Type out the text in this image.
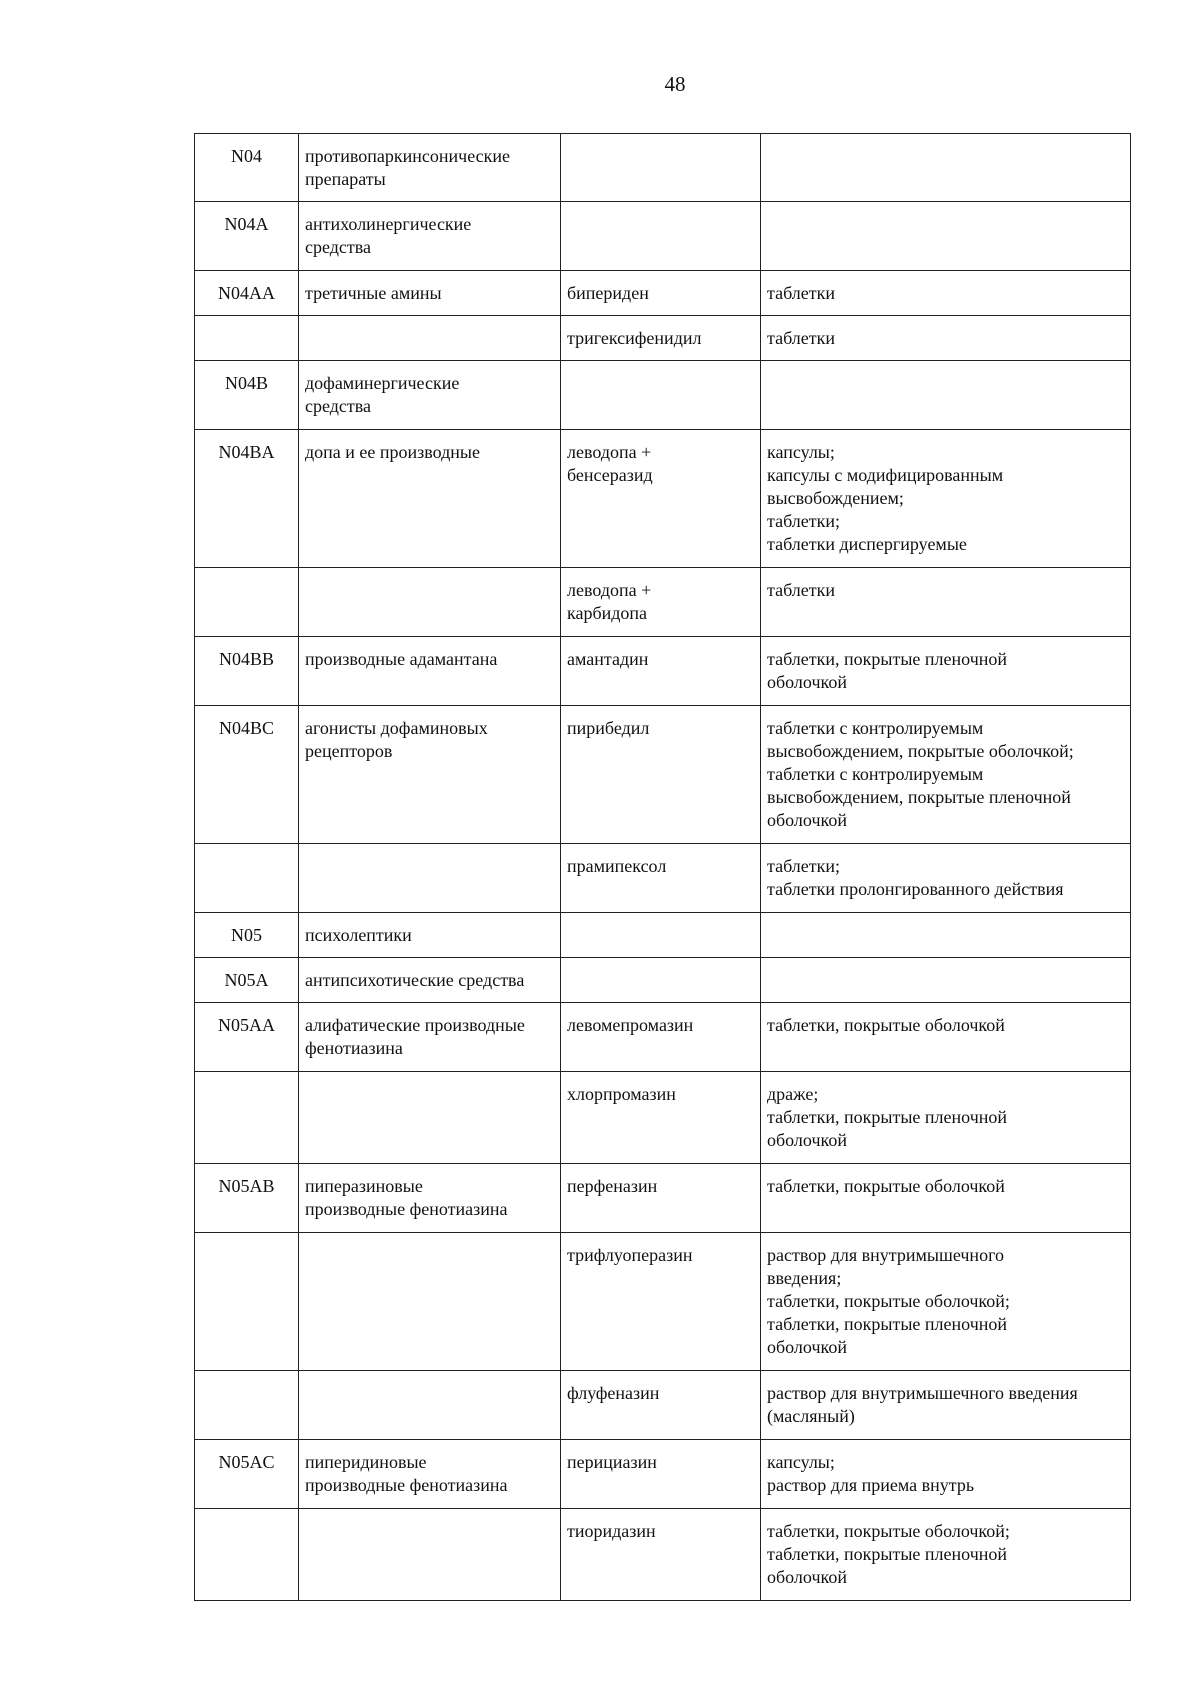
48
N04	противопаркинсонические
препараты		

N04A	антихолинергические
средства		

N04AA	третичные амины	бипериден	таблетки

		тригексифенидил	таблетки

N04B	дофаминергические
средства		

N04BA	допа и ее производные	леводопа +
бенсеразид	капсулы;
капсулы с модифицированным
высвобождением;
таблетки;
таблетки диспергируемые

		леводопа +
карбидопа	таблетки

N04BB	производные адамантана	амантадин	таблетки, покрытые пленочной
оболочкой

N04BC	агонисты дофаминовых
рецепторов	пирибедил	таблетки с контролируемым
высвобождением, покрытые оболочкой;
таблетки с контролируемым
высвобождением, покрытые пленочной
оболочкой

		прамипексол	таблетки;
таблетки пролонгированного действия

N05	психолептики		

N05A	антипсихотические средства		

N05AA	алифатические производные
фенотиазина	левомепромазин	таблетки, покрытые оболочкой

		хлорпромазин	драже;
таблетки, покрытые пленочной
оболочкой

N05AB	пиперазиновые
производные фенотиазина	перфеназин	таблетки, покрытые оболочкой

		трифлуоперазин	раствор для внутримышечного
введения;
таблетки, покрытые оболочкой;
таблетки, покрытые пленочной
оболочкой

		флуфеназин	раствор для внутримышечного введения
(масляный)

N05AC	пиперидиновые
производные фенотиазина	перициазин	капсулы;
раствор для приема внутрь

		тиоридазин	таблетки, покрытые оболочкой;
таблетки, покрытые пленочной
оболочкой
